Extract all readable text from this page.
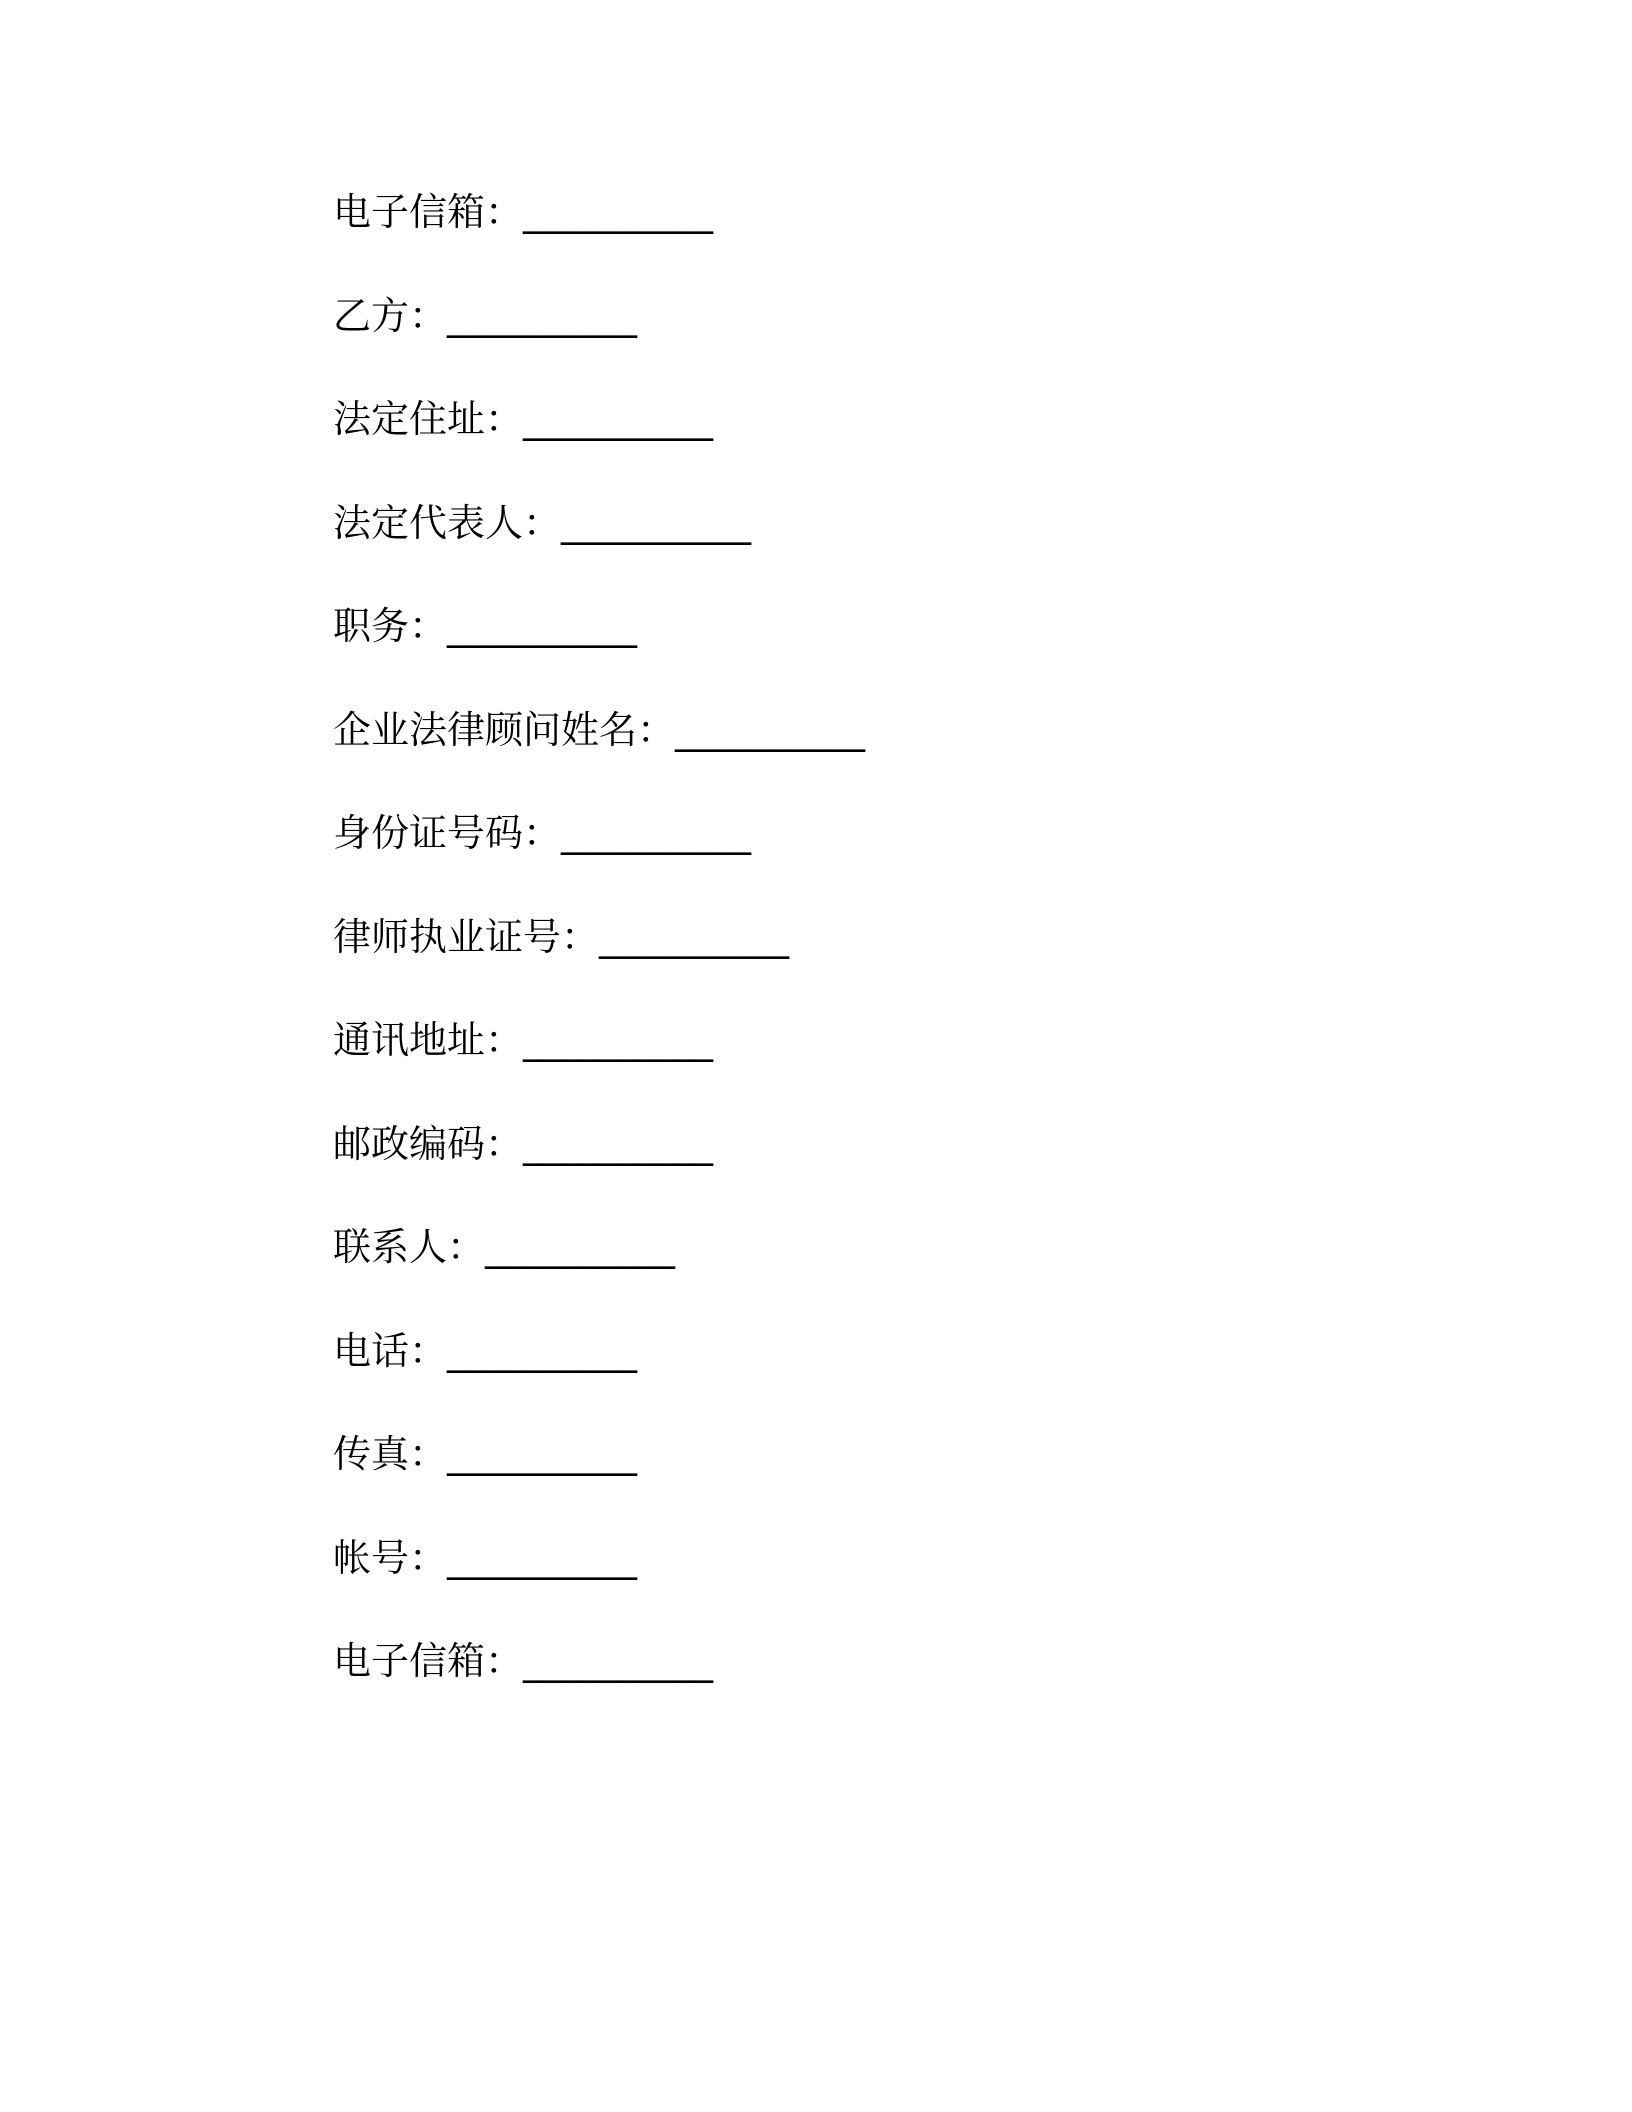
电子信箱：__________
乙方：__________
法定住址：__________
法定代表人：__________
职务：__________
企业法律顾问姓名：__________
身份证号码：__________
律师执业证号：__________
通讯地址：__________
邮政编码：__________
联系人：__________
电话：__________
传真：__________
帐号：__________
电子信箱：__________
